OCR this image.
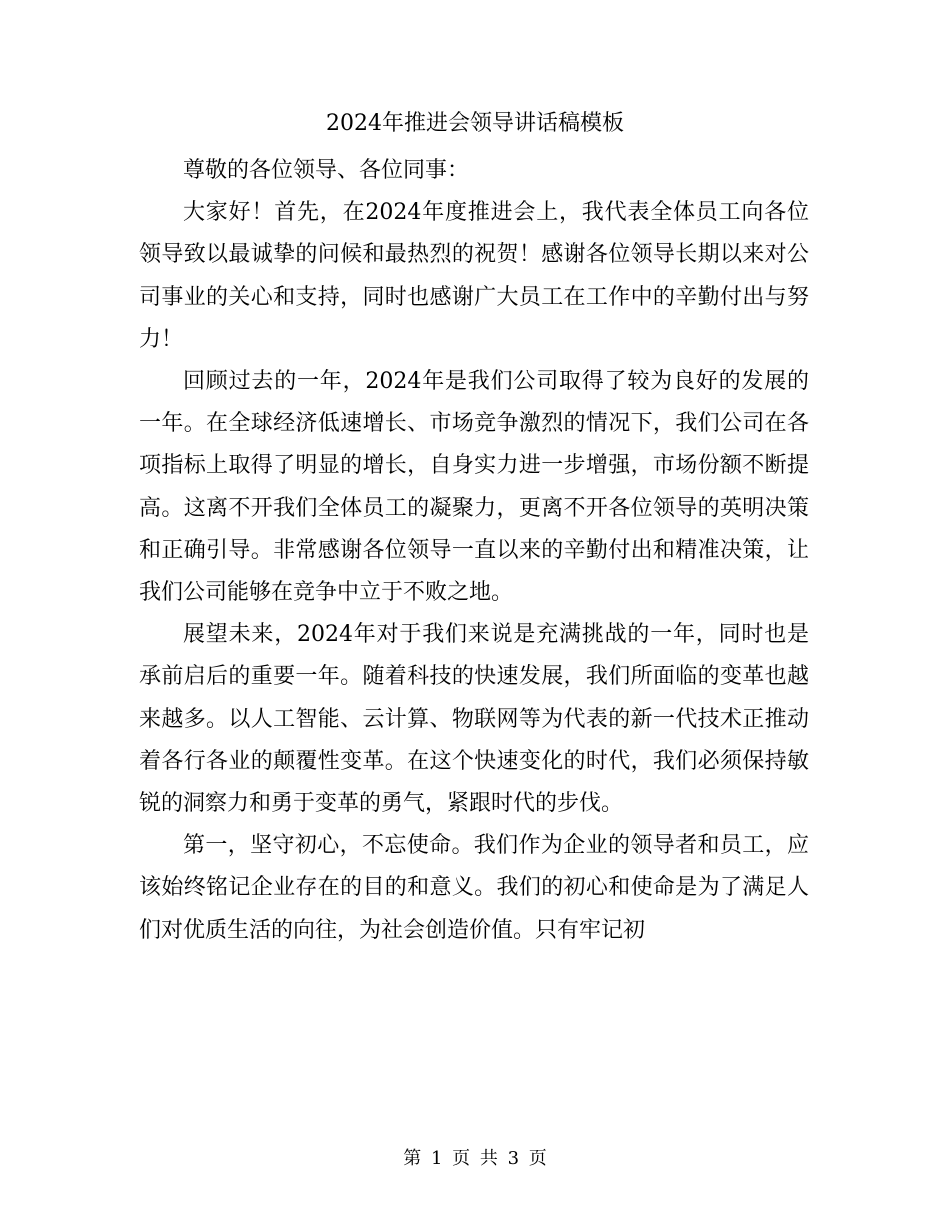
2024年推进会领导讲话稿模板

尊敬的各位领导、各位同事：

大家好！首先，在2024年度推进会上，我代表全体员工向各位领导致以最诚挚的问候和最热烈的祝贺！感谢各位领导长期以来对公司事业的关心和支持，同时也感谢广大员工在工作中的辛勤付出与努力！

回顾过去的一年，2024年是我们公司取得了较为良好的发展的一年。在全球经济低速增长、市场竞争激烈的情况下，我们公司在各项指标上取得了明显的增长，自身实力进一步增强，市场份额不断提高。这离不开我们全体员工的凝聚力，更离不开各位领导的英明决策和正确引导。非常感谢各位领导一直以来的辛勤付出和精准决策，让我们公司能够在竞争中立于不败之地。

展望未来，2024年对于我们来说是充满挑战的一年，同时也是承前启后的重要一年。随着科技的快速发展，我们所面临的变革也越来越多。以人工智能、云计算、物联网等为代表的新一代技术正推动着各行各业的颠覆性变革。在这个快速变化的时代，我们必须保持敏锐的洞察力和勇于变革的勇气，紧跟时代的步伐。

第一，坚守初心，不忘使命。我们作为企业的领导者和员工，应该始终铭记企业存在的目的和意义。我们的初心和使命是为了满足人们对优质生活的向往，为社会创造价值。只有牢记初

第 1 页 共 3 页
